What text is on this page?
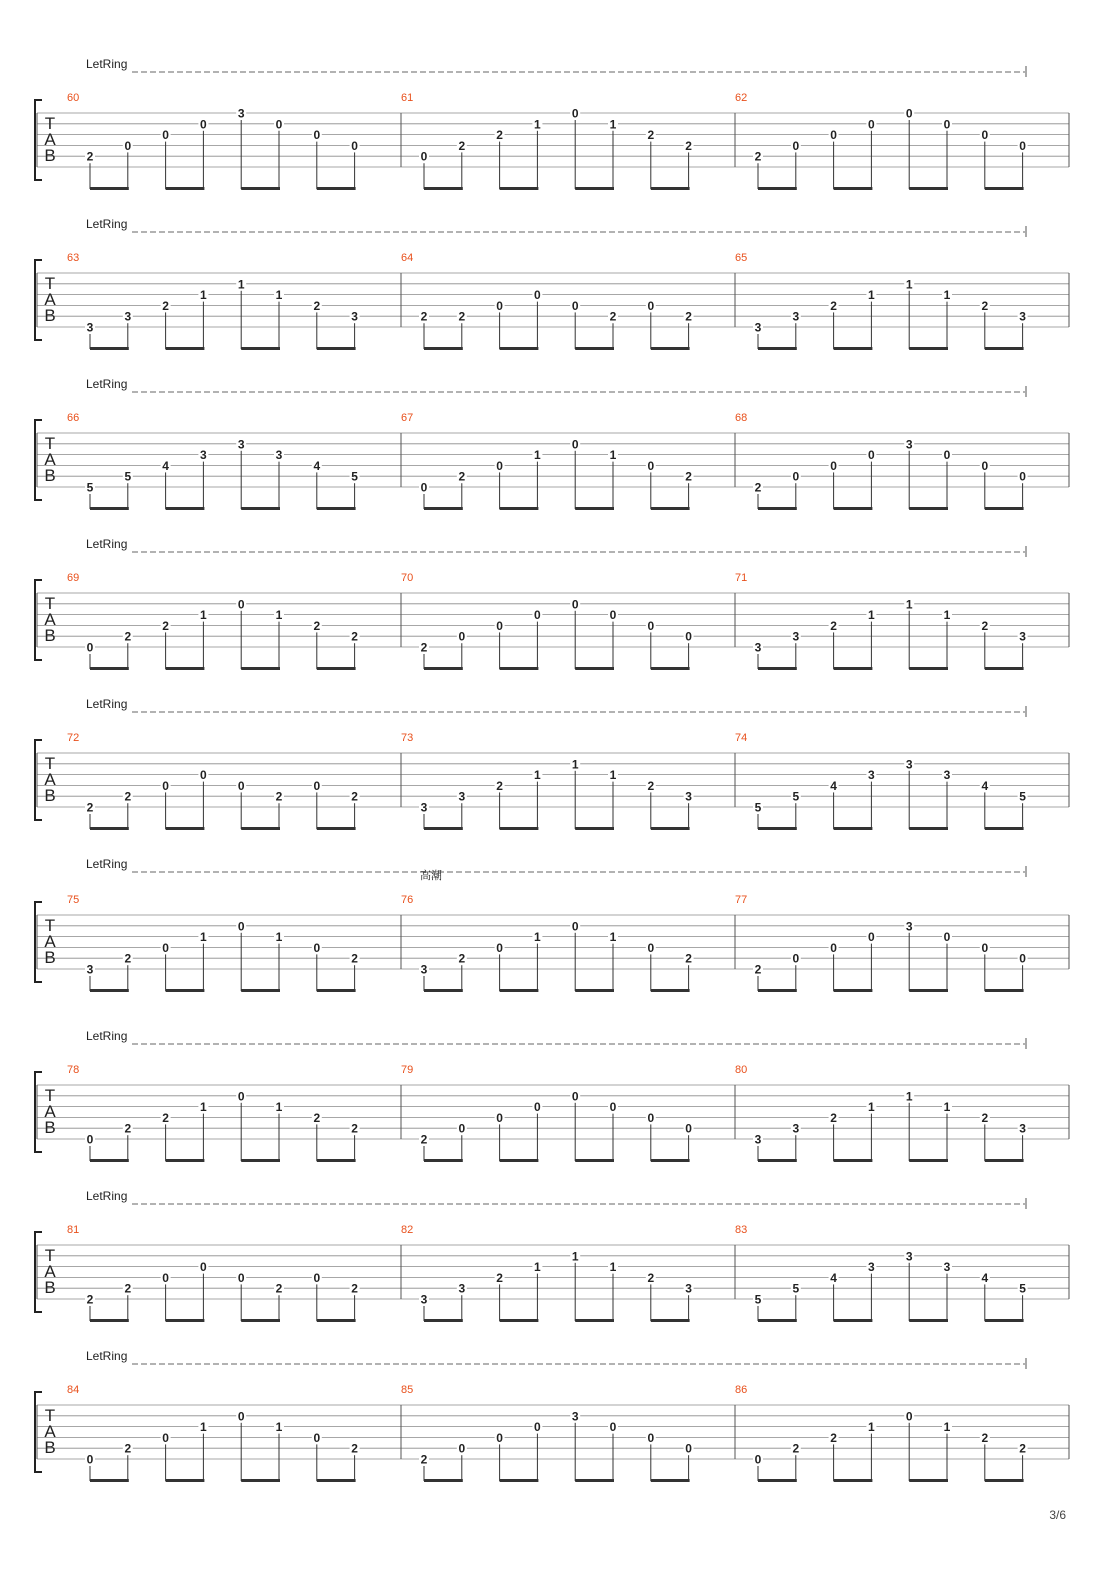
LetRing
T
A
B
60
2
0
0
0
3
0
0
0
61
0
2
2
1
0
1
2
2
62
2
0
0
0
0
0
0
0
LetRing
T
A
B
63
3
3
2
1
1
1
2
3
64
2	2
0
0
0
2
0
2
65
3
3
2
1
1
1
2
3
LetRing
T
A
B
66
5
5
4
3
3
3
4
5
67
0
2
0
1
0
1
0
2
68
2
0
0
0
3
0
0
0
LetRing
T
A
B
69
0
2
2
1
0
1
2
2
70
2
0
0
0
0
0
0
0
71
3
3
2
1
1
1
2
3
LetRing
T
A
B
72
2
2
0
0
0
2
0
2
73
3
3
2
1
1
1
2
3
74
5
5
4
3
3
3
4
5
LetRing
高潮
T
A
B
75
3
2
0
1
0
1
0
2
76
3
2
0
1
0
1
0
2
77
2
0
0
0
3
0
0
0
LetRing
T
A
B
78
0
2
2
1
0
1
2
2
79
2
0
0
0
0
0
0
0
80
3
3
2
1
1
1
2
3
LetRing
T
A
B
81
2
2
0
0
0
2
0
2
82
3
3
2
1
1
1
2
3
83
5
5
4
3
3
3
4
5
LetRing
T
A
B
84
0
2
0
1
0
1
0
2
85
2
0
0
0
3
0
0
0
86
0
2
2
1
0
1
2
2
3/6
